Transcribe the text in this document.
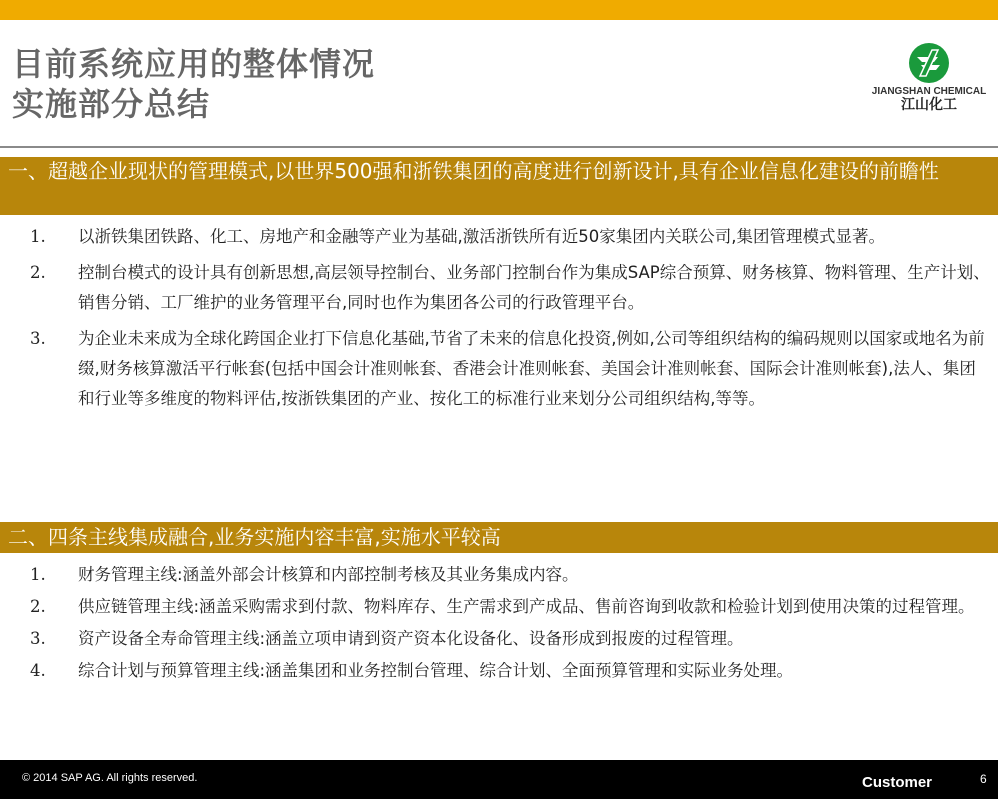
目前系统应用的整体情况
实施部分总结	JIANGSHAN CHEMICAL
江山化工
一、超越企业现状的管理模式,以世界500强和浙铁集团的高度进行创新设计,具有企业信息化建设的前瞻性
1. 以浙铁集团铁路、化工、房地产和金融等产业为基础,激活浙铁所有近50家集团内关联公司,集团管理模式显著。
2. 控制台模式的设计具有创新思想,高层领导控制台、业务部门控制台作为集成SAP综合预算、财务核算、物料管理、生产计划、销售分销、工厂维护的业务管理平台,同时也作为集团各公司的行政管理平台。
3. 为企业未来成为全球化跨国企业打下信息化基础,节省了未来的信息化投资,例如,公司等组织结构的编码规则以国家或地名为前缀,财务核算激活平行帐套(包括中国会计准则帐套、香港会计准则帐套、美国会计准则帐套、国际会计准则帐套),法人、集团和行业等多维度的物料评估,按浙铁集团的产业、按化工的标准行业来划分公司组织结构,等等。
二、四条主线集成融合,业务实施内容丰富,实施水平较高
1. 财务管理主线:涵盖外部会计核算和内部控制考核及其业务集成内容。
2. 供应链管理主线:涵盖采购需求到付款、物料库存、生产需求到产成品、售前咨询到收款和检验计划到使用决策的过程管理。
3. 资产设备全寿命管理主线:涵盖立项申请到资产资本化设备化、设备形成到报废的过程管理。
4. 综合计划与预算管理主线:涵盖集团和业务控制台管理、综合计划、全面预算管理和实际业务处理。
© 2014 SAP AG. All rights reserved.	Customer	6
